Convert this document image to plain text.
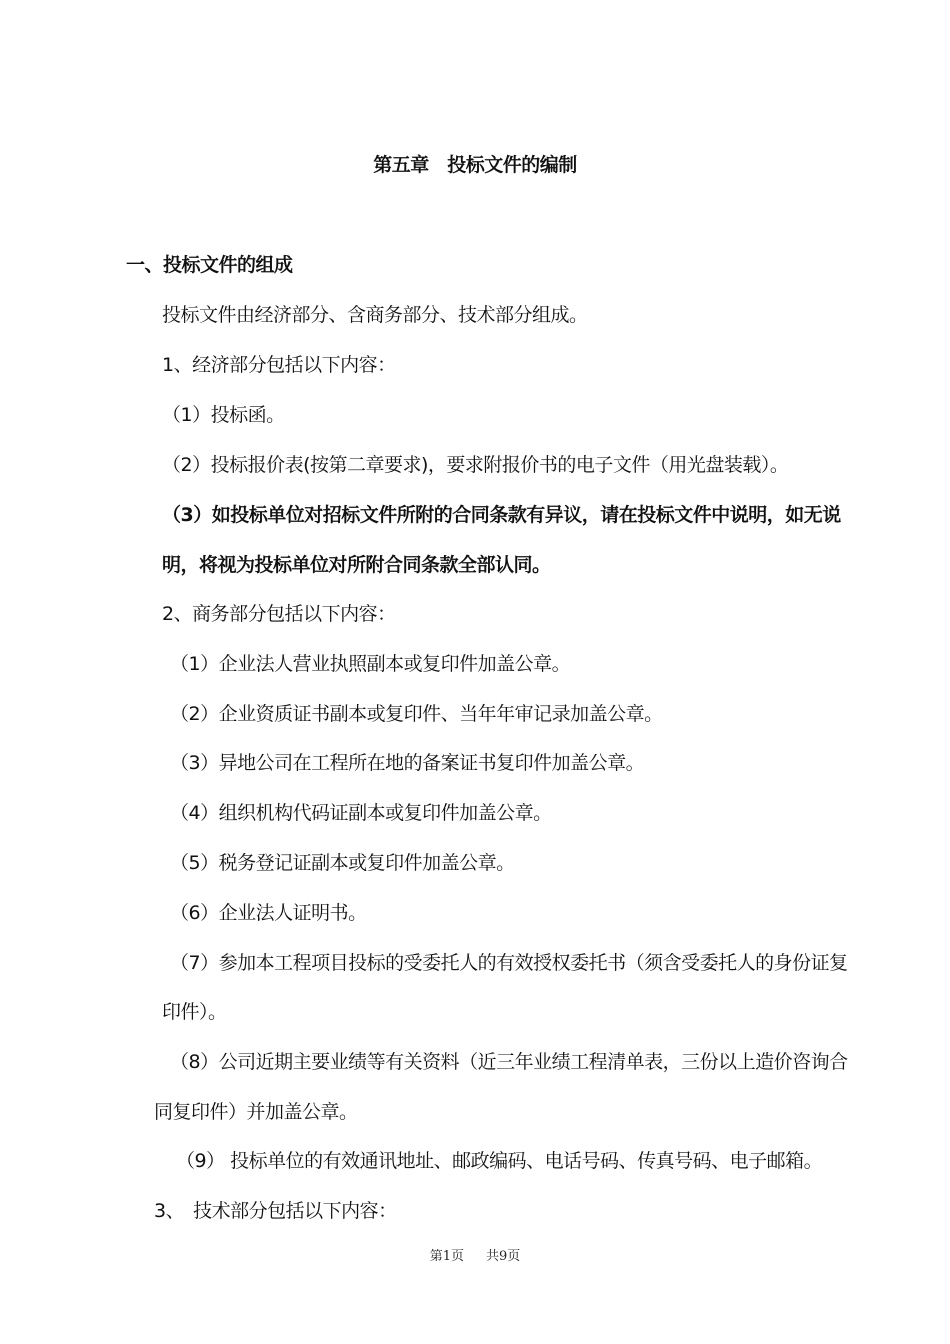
第五章　投标文件的编制
一、投标文件的组成
投标文件由经济部分、含商务部分、技术部分组成。
1、经济部分包括以下内容：
（1）投标函。
（2）投标报价表(按第二章要求)，要求附报价书的电子文件（用光盘装载）。
（3）如投标单位对招标文件所附的合同条款有异议，请在投标文件中说明，如无说
明，将视为投标单位对所附合同条款全部认同。
2、商务部分包括以下内容：
（1）企业法人营业执照副本或复印件加盖公章。
（2）企业资质证书副本或复印件、当年年审记录加盖公章。
（3）异地公司在工程所在地的备案证书复印件加盖公章。
（4）组织机构代码证副本或复印件加盖公章。
（5）税务登记证副本或复印件加盖公章。
（6）企业法人证明书。
（7）参加本工程项目投标的受委托人的有效授权委托书（须含受委托人的身份证复
印件）。
（8）公司近期主要业绩等有关资料（近三年业绩工程清单表，三份以上造价咨询合
同复印件）并加盖公章。
（9） 投标单位的有效通讯地址、邮政编码、电话号码、传真号码、电子邮箱。
3、　技术部分包括以下内容：
第1页 共9页
